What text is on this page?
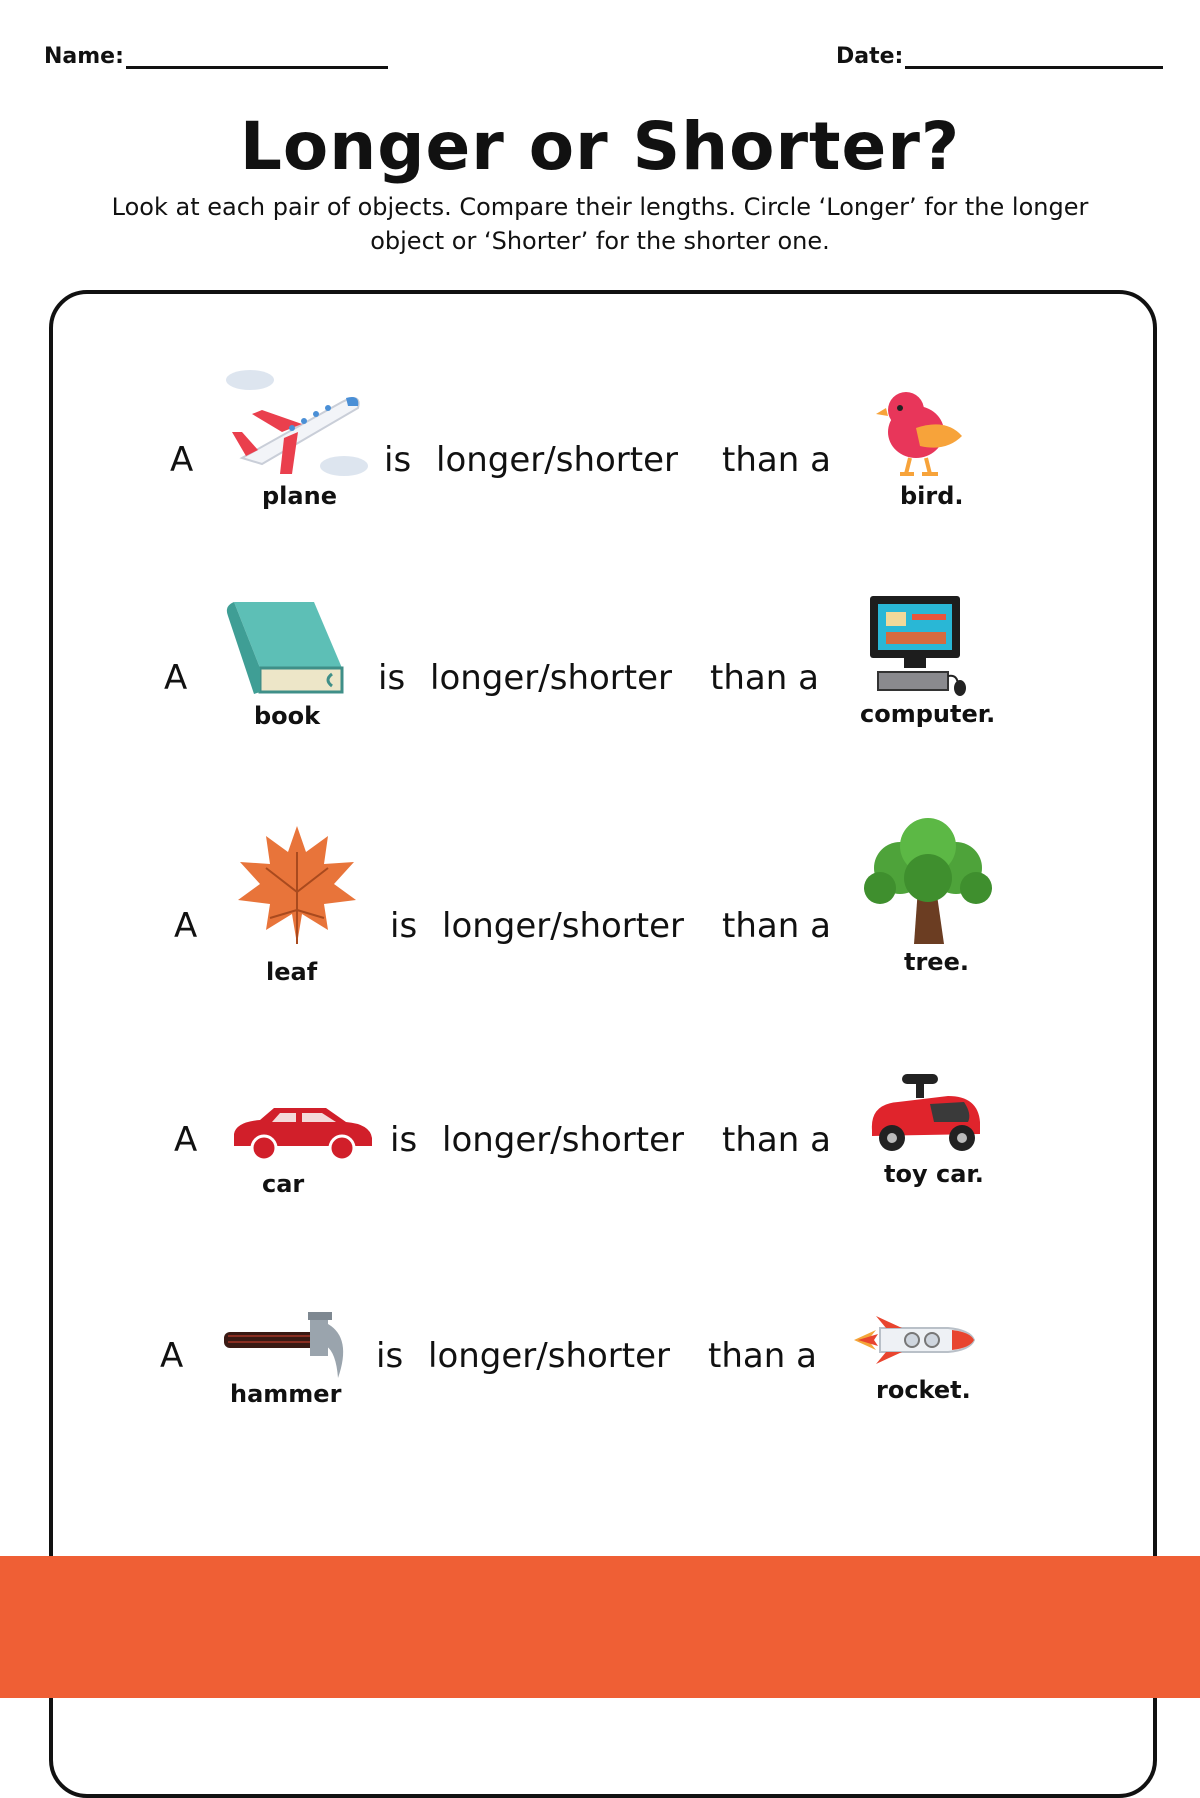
Name:	Date:
Longer or Shorter?
Look at each pair of objects. Compare their lengths. Circle ‘Longer’ for the longer object or ‘Shorter’ for the shorter one.
A
plane
is longer/shorter than a
bird.
A
book
is longer/shorter than a
computer.
A
leaf
is longer/shorter than a
tree.
A
car
is longer/shorter than a
toy car.
A
hammer
is longer/shorter than a
rocket.
